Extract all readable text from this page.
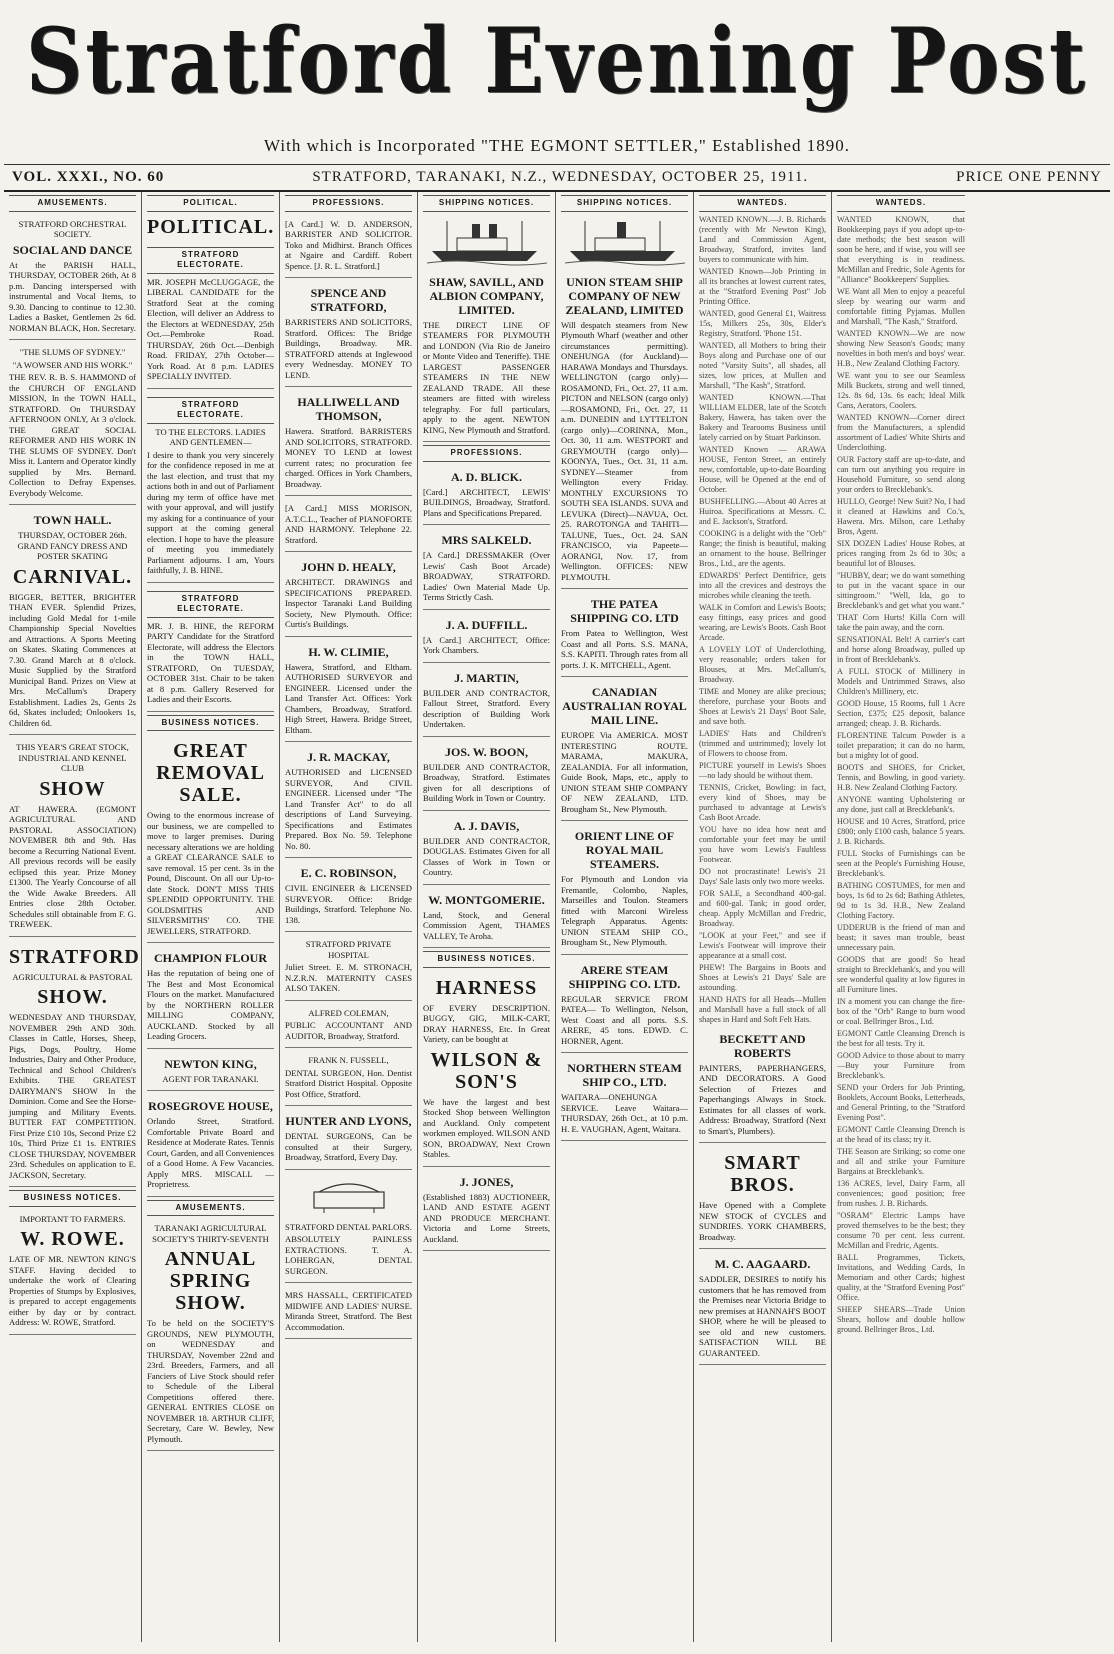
Stratford Evening Post
With which is Incorporated "THE EGMONT SETTLER," Established 1890.
VOL. XXXI., NO. 60	STRATFORD, TARANAKI, N.Z., WEDNESDAY, OCTOBER 25, 1911.	PRICE ONE PENNY
AMUSEMENTS.
STRATFORD ORCHESTRAL SOCIETY.
SOCIAL AND DANCE
At the PARISH HALL, THURSDAY, OCTOBER 26th, At 8 p.m. Dancing interspersed with instrumental and Vocal Items, to 9.30. Dancing to continue to 12.30. Ladies a Basket, Gentlemen 2s 6d. NORMAN BLACK, Hon. Secretary.
"THE SLUMS OF SYDNEY."
"A WOWSER AND HIS WORK."
THE REV. R. B. S. HAMMOND of the CHURCH OF ENGLAND MISSION, In the TOWN HALL, STRATFORD. On THURSDAY AFTERNOON ONLY, At 3 o'clock. THE GREAT SOCIAL REFORMER AND HIS WORK IN THE SLUMS OF SYDNEY. Don't Miss it. Lantern and Operator kindly supplied by Mrs. Bernard. Collection to Defray Expenses. Everybody Welcome.
TOWN HALL.
THURSDAY, OCTOBER 26th. GRAND FANCY DRESS AND POSTER SKATING
CARNIVAL.
BIGGER, BETTER, BRIGHTER THAN EVER. Splendid Prizes, including Gold Medal for 1-mile Championship Special Novelties and Attractions. A Sports Meeting on Skates. Skating Commences at 7.30. Grand March at 8 o'clock. Music Supplied by the Stratford Municipal Band. Prizes on View at Mrs. McCallum's Drapery Establishment. Ladies 2s, Gents 2s 6d, Skates included; Onlookers 1s, Children 6d.
THIS YEAR'S GREAT STOCK, INDUSTRIAL AND KENNEL CLUB
SHOW
AT HAWERA. (EGMONT AGRICULTURAL AND PASTORAL ASSOCIATION) NOVEMBER 8th and 9th. Has become a Recurring National Event. All previous records will be easily eclipsed this year. Prize Money £1300. The Yearly Concourse of all the Wide Awake Breeders. All Entries close 28th October. Schedules still obtainable from F. G. TREWEEK.
STRATFORD
AGRICULTURAL & PASTORAL
SHOW.
WEDNESDAY AND THURSDAY, NOVEMBER 29th AND 30th. Classes in Cattle, Horses, Sheep, Pigs, Dogs, Poultry, Home Industries, Dairy and Other Produce, Technical and School Children's Exhibits. THE GREATEST DAIRYMAN'S SHOW In the Dominion. Come and See the Horse-jumping and Military Events. BUTTER FAT COMPETITION. First Prize £10 10s, Second Prize £2 10s, Third Prize £1 1s. ENTRIES CLOSE THURSDAY, NOVEMBER 23rd. Schedules on application to E. JACKSON, Secretary.
BUSINESS NOTICES.
IMPORTANT TO FARMERS.
W. ROWE.
LATE OF MR. NEWTON KING'S STAFF. Having decided to undertake the work of Clearing Properties of Stumps by Explosives, is prepared to accept engagements either by day or by contract. Address: W. ROWE, Stratford.
POLITICAL.
POLITICAL.
STRATFORD ELECTORATE.
MR. JOSEPH McCLUGGAGE, the LIBERAL CANDIDATE for the Stratford Seat at the coming Election, will deliver an Address to the Electors at WEDNESDAY, 25th Oct.—Pembroke Road. THURSDAY, 26th Oct.—Denbigh Road. FRIDAY, 27th October—York Road. At 8 p.m. LADIES SPECIALLY INVITED.
STRATFORD ELECTORATE.
TO THE ELECTORS. LADIES AND GENTLEMEN—
I desire to thank you very sincerely for the confidence reposed in me at the last election, and trust that my actions both in and out of Parliament during my term of office have met with your approval, and will justify my asking for a continuance of your support at the coming general election. I hope to have the pleasure of meeting you immediately Parliament adjourns. I am, Yours faithfully, J. B. HINE.
STRATFORD ELECTORATE.
MR. J. B. HINE, the REFORM PARTY Candidate for the Stratford Electorate, will address the Electors in the TOWN HALL, STRATFORD, On TUESDAY, OCTOBER 31st. Chair to be taken at 8 p.m. Gallery Reserved for Ladies and their Escorts.
BUSINESS NOTICES.
GREAT REMOVAL SALE.
Owing to the enormous increase of our business, we are compelled to move to larger premises. During necessary alterations we are holding a GREAT CLEARANCE SALE to save removal. 15 per cent. 3s in the Pound, Discount. On all our Up-to-date Stock. DON'T MISS THIS SPLENDID OPPORTUNITY. THE GOLDSMITHS AND SILVERSMITHS' CO. THE JEWELLERS, STRATFORD.
CHAMPION FLOUR
Has the reputation of being one of The Best and Most Economical Flours on the market. Manufactured by the NORTHERN ROLLER MILLING COMPANY, AUCKLAND. Stocked by all Leading Grocers.
NEWTON KING,
AGENT FOR TARANAKI.
ROSEGROVE HOUSE,
Orlando Street, Stratford. Comfortable Private Board and Residence at Moderate Rates. Tennis Court, Garden, and all Conveniences of a Good Home. A Few Vacancies. Apply MRS. MISCALL — Proprietress.
AMUSEMENTS.
TARANAKI AGRICULTURAL SOCIETY'S THIRTY-SEVENTH
ANNUAL SPRING SHOW.
To be held on the SOCIETY'S GROUNDS, NEW PLYMOUTH, on WEDNESDAY and THURSDAY, November 22nd and 23rd. Breeders, Farmers, and all Fanciers of Live Stock should refer to Schedule of the Liberal Competitions offered there. GENERAL ENTRIES CLOSE on NOVEMBER 18. ARTHUR CLIFF, Secretary, Care W. Bewley, New Plymouth.
PROFESSIONS.
[A Card.] W. D. ANDERSON, BARRISTER AND SOLICITOR. Toko and Midhirst. Branch Offices at Ngaire and Cardiff. Robert Spence. [J. R. L. Stratford.]
SPENCE AND STRATFORD,
BARRISTERS AND SOLICITORS, Stratford. Offices: The Bridge Buildings, Broadway. MR. STRATFORD attends at Inglewood every Wednesday. MONEY TO LEND.
HALLIWELL AND THOMSON,
Hawera. Stratford. BARRISTERS AND SOLICITORS, STRATFORD. MONEY TO LEND at lowest current rates; no procuration fee charged. Offices in York Chambers, Broadway.
[A Card.] MISS MORISON, A.T.C.L., Teacher of PIANOFORTE AND HARMONY. Telephone 22. Stratford.
JOHN D. HEALY,
ARCHITECT. DRAWINGS and SPECIFICATIONS PREPARED. Inspector Taranaki Land Building Society, New Plymouth. Office: Curtis's Buildings.
H. W. CLIMIE,
Hawera, Stratford, and Eltham. AUTHORISED SURVEYOR and ENGINEER. Licensed under the Land Transfer Act. Offices: York Chambers, Broadway, Stratford. High Street, Hawera. Bridge Street, Eltham.
J. R. MACKAY,
AUTHORISED and LICENSED SURVEYOR, And CIVIL ENGINEER. Licensed under "The Land Transfer Act" to do all descriptions of Land Surveying. Specifications and Estimates Prepared. Box No. 59. Telephone No. 80.
E. C. ROBINSON,
CIVIL ENGINEER & LICENSED SURVEYOR. Office: Bridge Buildings, Stratford. Telephone No. 138.
STRATFORD PRIVATE HOSPITAL
Juliet Street. E. M. STRONACH, N.Z.R.N. MATERNITY CASES ALSO TAKEN.
ALFRED COLEMAN,
PUBLIC ACCOUNTANT AND AUDITOR, Broadway, Stratford.
FRANK N. FUSSELL,
DENTAL SURGEON, Hon. Dentist Stratford District Hospital. Opposite Post Office, Stratford.
HUNTER AND LYONS,
DENTAL SURGEONS, Can be consulted at their Surgery, Broadway, Stratford, Every Day.
STRATFORD DENTAL PARLORS.
ABSOLUTELY PAINLESS EXTRACTIONS. T. A. LOHERGAN, DENTAL SURGEON.
MRS HASSALL, CERTIFICATED MIDWIFE AND LADIES' NURSE. Miranda Street, Stratford. The Best Accommodation.
SHIPPING NOTICES.
SHAW, SAVILL, AND ALBION COMPANY, LIMITED.
THE DIRECT LINE OF STEAMERS FOR PLYMOUTH and LONDON (Via Rio de Janeiro or Monte Video and Teneriffe). THE LARGEST PASSENGER STEAMERS IN THE NEW ZEALAND TRADE. All these steamers are fitted with wireless telegraphy. For full particulars, apply to the agent. NEWTON KING, New Plymouth and Stratford.
PROFESSIONS.
A. D. BLICK.
[Card.] ARCHITECT, LEWIS' BUILDINGS, Broadway, Stratford. Plans and Specifications Prepared.
MRS SALKELD.
[A Card.] DRESSMAKER (Over Lewis' Cash Boot Arcade) BROADWAY, STRATFORD. Ladies' Own Material Made Up. Terms Strictly Cash.
J. A. DUFFILL.
[A Card.] ARCHITECT, Office: York Chambers.
J. MARTIN,
BUILDER AND CONTRACTOR, Fallout Street, Stratford. Every description of Building Work Undertaken.
JOS. W. BOON,
BUILDER AND CONTRACTOR, Broadway, Stratford. Estimates given for all descriptions of Building Work in Town or Country.
A. J. DAVIS,
BUILDER AND CONTRACTOR, DOUGLAS. Estimates Given for all Classes of Work in Town or Country.
W. MONTGOMERIE.
Land, Stock, and General Commission Agent, THAMES VALLEY, Te Aroha.
BUSINESS NOTICES.
HARNESS
OF EVERY DESCRIPTION. BUGGY, GIG, MILK-CART, DRAY HARNESS, Etc. In Great Variety, can be bought at
WILSON & SON'S
We have the largest and best Stocked Shop between Wellington and Auckland. Only competent workmen employed. WILSON AND SON, BROADWAY, Next Crown Stables.
J. JONES,
(Established 1883) AUCTIONEER, LAND AND ESTATE AGENT AND PRODUCE MERCHANT. Victoria and Lorne Streets, Auckland.
SHIPPING NOTICES.
UNION STEAM SHIP COMPANY OF NEW ZEALAND, LIMITED
Will despatch steamers from New Plymouth Wharf (weather and other circumstances permitting). ONEHUNGA (for Auckland)—HARAWA Mondays and Thursdays. WELLINGTON (cargo only)—ROSAMOND, Fri., Oct. 27, 11 a.m. PICTON and NELSON (cargo only)—ROSAMOND, Fri., Oct. 27, 11 a.m. DUNEDIN and LYTTELTON (cargo only)—CORINNA, Mon., Oct. 30, 11 a.m. WESTPORT and GREYMOUTH (cargo only)—KOONYA, Tues., Oct. 31, 11 a.m. SYDNEY—Steamer from Wellington every Friday. MONTHLY EXCURSIONS TO SOUTH SEA ISLANDS. SUVA and LEVUKA (Direct)—NAVUA, Oct. 25. RAROTONGA and TAHITI—TALUNE, Tues., Oct. 24. SAN FRANCISCO, via Papeete—AORANGI, Nov. 17, from Wellington. OFFICES: NEW PLYMOUTH.
THE PATEA SHIPPING CO. LTD
From Patea to Wellington, West Coast and all Ports. S.S. MANA, S.S. KAPITI. Through rates from all ports. J. K. MITCHELL, Agent.
CANADIAN AUSTRALIAN ROYAL MAIL LINE.
EUROPE Via AMERICA. MOST INTERESTING ROUTE. MARAMA, MAKURA, ZEALANDIA. For all information, Guide Book, Maps, etc., apply to UNION STEAM SHIP COMPANY OF NEW ZEALAND, LTD. Brougham St., New Plymouth.
ORIENT LINE OF ROYAL MAIL STEAMERS.
For Plymouth and London via Fremantle, Colombo, Naples, Marseilles and Toulon. Steamers fitted with Marconi Wireless Telegraph Apparatus. Agents: UNION STEAM SHIP CO., Brougham St., New Plymouth.
ARERE STEAM SHIPPING CO. LTD.
REGULAR SERVICE FROM PATEA— To Wellington, Nelson, West Coast and all ports. S.S. ARERE, 45 tons. EDWD. C. HORNER, Agent.
NORTHERN STEAM SHIP CO., LTD.
WAITARA—ONEHUNGA SERVICE. Leave Waitara—THURSDAY, 26th Oct., at 10 p.m. H. E. VAUGHAN, Agent, Waitara.
WANTEDS.
WANTED KNOWN.—J. B. Richards (recently with Mr Newton King), Land and Commission Agent, Broadway, Stratford, invites land buyers to communicate with him.
WANTED Known—Job Printing in all its branches at lowest current rates, at the "Stratford Evening Post" Job Printing Office.
WANTED, good General £1, Waitress 15s, Milkers 25s, 30s, Elder's Registry, Stratford. 'Phone 151.
WANTED, all Mothers to bring their Boys along and Purchase one of our noted "Varsity Suits", all shades, all sizes, low prices, at Mullen and Marshall, "The Kash", Stratford.
WANTED KNOWN.—That WILLIAM ELDER, late of the Scotch Bakery, Hawera, has taken over the Bakery and Tearooms Business until lately carried on by Stuart Parkinson.
WANTED Known — ARAWA HOUSE, Fenton Street, an entirely new, comfortable, up-to-date Boarding House, will be Opened at the end of October.
BUSHFELLING.—About 40 Acres at Huiroa. Specifications at Messrs. C. and E. Jackson's, Stratford.
COOKING is a delight with the "Orb" Range; the finish is beautiful, making an ornament to the house. Bellringer Bros., Ltd., are the agents.
EDWARDS' Perfect Dentifrice, gets into all the crevices and destroys the microbes while cleaning the teeth.
WALK in Comfort and Lewis's Boots; easy fittings, easy prices and good wearing, are Lewis's Boots. Cash Boot Arcade.
A LOVELY LOT of Underclothing, very reasonable; orders taken for Blouses, at Mrs. McCallum's, Broadway.
TIME and Money are alike precious; therefore, purchase your Boots and Shoes at Lewis's 21 Days' Boot Sale, and save both.
LADIES' Hats and Children's (trimmed and untrimmed); lovely lot of Flowers to choose from.
PICTURE yourself in Lewis's Shoes—no lady should be without them.
TENNIS, Cricket, Bowling: in fact, every kind of Shoes, may be purchased to advantage at Lewis's Cash Boot Arcade.
YOU have no idea how neat and comfortable your feet may be until you have worn Lewis's Faultless Footwear.
DO not procrastinate! Lewis's 21 Days' Sale lasts only two more weeks.
FOR SALE, a Secondhand 400-gal. and 600-gal. Tank; in good order, cheap. Apply McMillan and Fredric, Broadway.
"LOOK at your Feet," and see if Lewis's Footwear will improve their appearance at a small cost.
PHEW! The Bargains in Boots and Shoes at Lewis's 21 Days' Sale are astounding.
HAND HATS for all Heads—Mullen and Marshall have a full stock of all shapes in Hard and Soft Felt Hats.
BECKETT AND ROBERTS
PAINTERS, PAPERHANGERS, AND DECORATORS. A Good Selection of Friezes and Paperhangings Always in Stock. Estimates for all classes of work. Address: Broadway, Stratford (Next to Smart's, Plumbers).
SMART BROS.
Have Opened with a Complete NEW STOCK of CYCLES and SUNDRIES. YORK CHAMBERS, Broadway.
M. C. AAGAARD.
SADDLER, DESIRES to notify his customers that he has removed from the Premises near Victoria Bridge to new premises at HANNAH'S BOOT SHOP, where he will be pleased to see old and new customers. SATISFACTION WILL BE GUARANTEED.
WANTEDS.
WANTED KNOWN, that Bookkeeping pays if you adopt up-to-date methods; the best season will soon be here, and if wise, you will see that everything is in readiness. McMillan and Fredric, Sole Agents for "Alliance" Bookkeepers' Supplies.
WE Want all Men to enjoy a peaceful sleep by wearing our warm and comfortable fitting Pyjamas. Mullen and Marshall, "The Kash," Stratford.
WANTED KNOWN—We are now showing New Season's Goods; many novelties in both men's and boys' wear. H.B., New Zealand Clothing Factory.
WE want you to see our Seamless Milk Buckets, strong and well tinned, 12s. 8s 6d, 13s. 6s each; Ideal Milk Cans, Aerators, Coolers.
WANTED KNOWN—Corner direct from the Manufacturers, a splendid assortment of Ladies' White Shirts and Underclothing.
OUR Factory staff are up-to-date, and can turn out anything you require in Household Furniture, so send along your orders to Brecklebank's.
HULLO, George! New Suit? No, I had it cleaned at Hawkins and Co.'s, Hawera. Mrs. Milson, care Lethaby Bros, Agent.
SIX DOZEN Ladies' House Robes, at prices ranging from 2s 6d to 30s; a beautiful lot of Blouses.
"HUBBY, dear; we do want something to put in the vacant space in our sittingroom." "Well, Ida, go to Brecklebank's and get what you want."
THAT Corn Hurts! Killa Corn will take the pain away, and the corn.
SENSATIONAL Belt! A carrier's cart and horse along Broadway, pulled up in front of Brecklebank's.
A FULL STOCK of Millinery in Models and Untrimmed Straws, also Children's Millinery, etc.
GOOD House, 15 Rooms, full 1 Acre Section, £375; £25 deposit, balance arranged; cheap. J. B. Richards.
FLORENTINE Talcum Powder is a toilet preparation; it can do no harm, but a mighty lot of good.
BOOTS and SHOES, for Cricket, Tennis, and Bowling, in good variety. H.B. New Zealand Clothing Factory.
ANYONE wanting Upholstering or any done, just call at Brecklebank's.
HOUSE and 10 Acres, Stratford, price £800; only £100 cash, balance 5 years. J. B. Richards.
FULL Stocks of Furnishings can be seen at the People's Furnishing House, Brecklebank's.
BATHING COSTUMES, for men and boys, 1s 6d to 2s 6d; Bathing Athletes, 9d to 1s 3d. H.B., New Zealand Clothing Factory.
UDDERUB is the friend of man and beast; it saves man trouble, beast unnecessary pain.
GOODS that are good! So head straight to Brecklebank's, and you will see wonderful quality at low figures in all Furniture lines.
IN a moment you can change the fire-box of the "Orb" Range to burn wood or coal. Bellringer Bros., Ltd.
EGMONT Cattle Cleansing Drench is the best for all tests. Try it.
GOOD Advice to those about to marry—Buy your Furniture from Brecklebank's.
SEND your Orders for Job Printing, Booklets, Account Books, Letterheads, and General Printing, to the "Stratford Evening Post".
EGMONT Cattle Cleansing Drench is at the head of its class; try it.
THE Season are Striking; so come one and all and strike your Furniture Bargains at Brecklebank's.
136 ACRES, level, Dairy Farm, all conveniences; good position; free from rushes. J. B. Richards.
"OSRAM" Electric Lamps have proved themselves to be the best; they consume 70 per cent. less current. McMillan and Fredric, Agents.
BALL Programmes, Tickets, Invitations, and Wedding Cards, In Memoriam and other Cards; highest quality, at the "Stratford Evening Post" Office.
SHEEP SHEARS—Trade Union Shears, hollow and double hollow ground. Bellringer Bros., Ltd.
